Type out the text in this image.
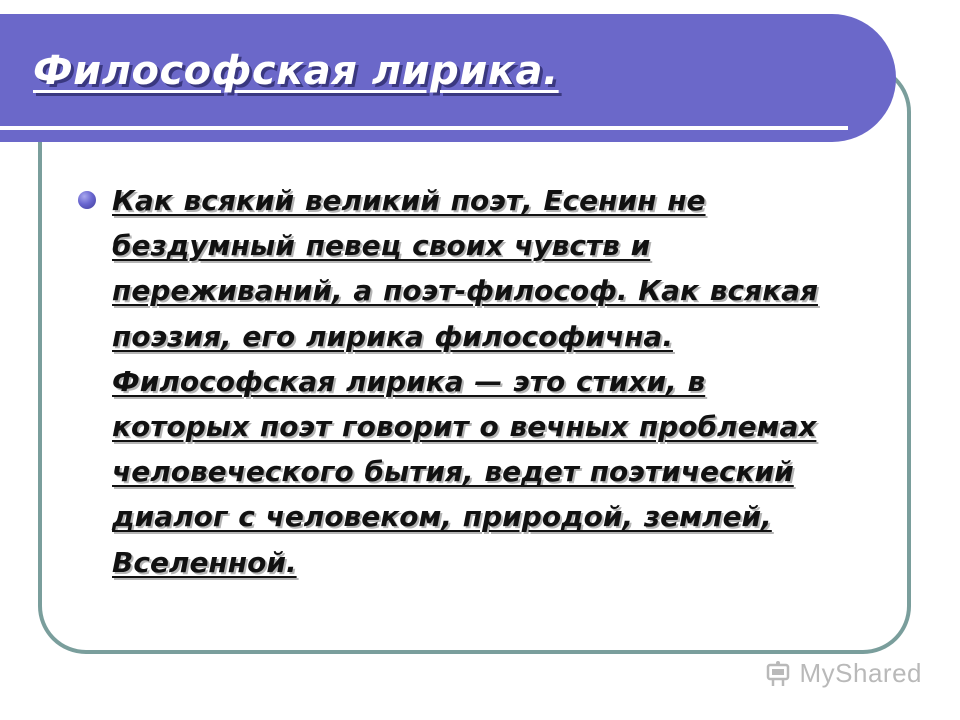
Философская лирика.
Как всякий великий поэт, Есенин не бездумный певец своих чувств и переживаний, а поэт-философ. Как всякая поэзия, его лирика философична. Философская лирика — это стихи, в которых поэт говорит о вечных проблемах человеческого бытия, ведет поэтический диалог с человеком, природой, землей, Вселенной.
MyShared
